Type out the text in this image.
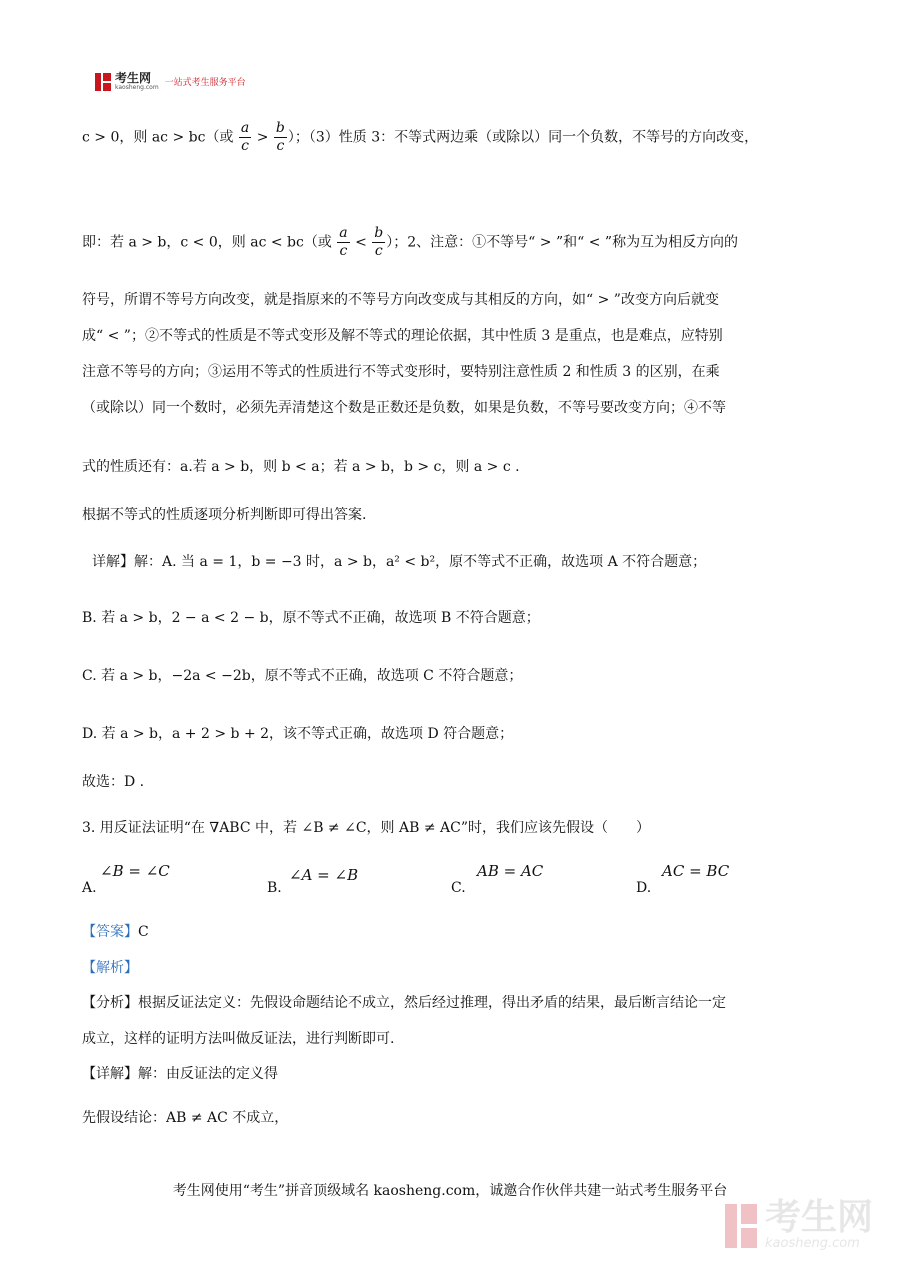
考生网
kaosheng.com 一站式考生服务平台
c > 0，则 ac > bc（或 $\frac{a}{c} > \frac{b}{c}$ ）；（3）性质 3：不等式两边乘（或除以）同一个负数，不等号的方向改变，
即：若 a > b，c < 0，则 ac < bc（或 $\frac{a}{c} < \frac{b}{c}$ ）；2、注意：①不等号“ > ”和“ < ”称为互为相反方向的
符号，所谓不等号方向改变，就是指原来的不等号方向改变成与其相反的方向，如“ > ”改变方向后就变
成“ < ”；②不等式的性质是不等式变形及解不等式的理论依据，其中性质 3 是重点，也是难点，应特别
注意不等号的方向；③运用不等式的性质进行不等式变形时，要特别注意性质 2 和性质 3 的区别，在乘
（或除以）同一个数时，必须先弄清楚这个数是正数还是负数，如果是负数，不等号要改变方向；④不等
式的性质还有：a.若 a > b，则 b < a；若 a > b，b > c，则 a > c .
根据不等式的性质逐项分析判断即可得出答案.
详解】解：A. 当 a = 1，b = −3 时，a > b，a² < b²，原不等式不正确，故选项 A 不符合题意；
B. 若 a > b，2 − a < 2 − b，原不等式不正确，故选项 B 不符合题意；
C. 若 a > b，−2a < −2b，原不等式不正确，故选项 C 不符合题意；
D. 若 a > b，a + 2 > b + 2，该不等式正确，故选项 D 符合题意；
故选：D .
3. 用反证法证明“在 ∇ABC 中，若 ∠B ≠ ∠C，则 AB ≠ AC”时，我们应该先假设（　　）
A.
∠B = ∠C
B.
∠A = ∠B
C.
AB = AC
D.
AC = BC
【答案】C
【解析】
【分析】根据反证法定义：先假设命题结论不成立，然后经过推理，得出矛盾的结果，最后断言结论一定
成立，这样的证明方法叫做反证法，进行判断即可.
【详解】解：由反证法的定义得
先假设结论：AB ≠ AC 不成立，
考生网使用“考生”拼音顶级域名 kaosheng.com，诚邀合作伙伴共建一站式考生服务平台
考生网
kaosheng.com
